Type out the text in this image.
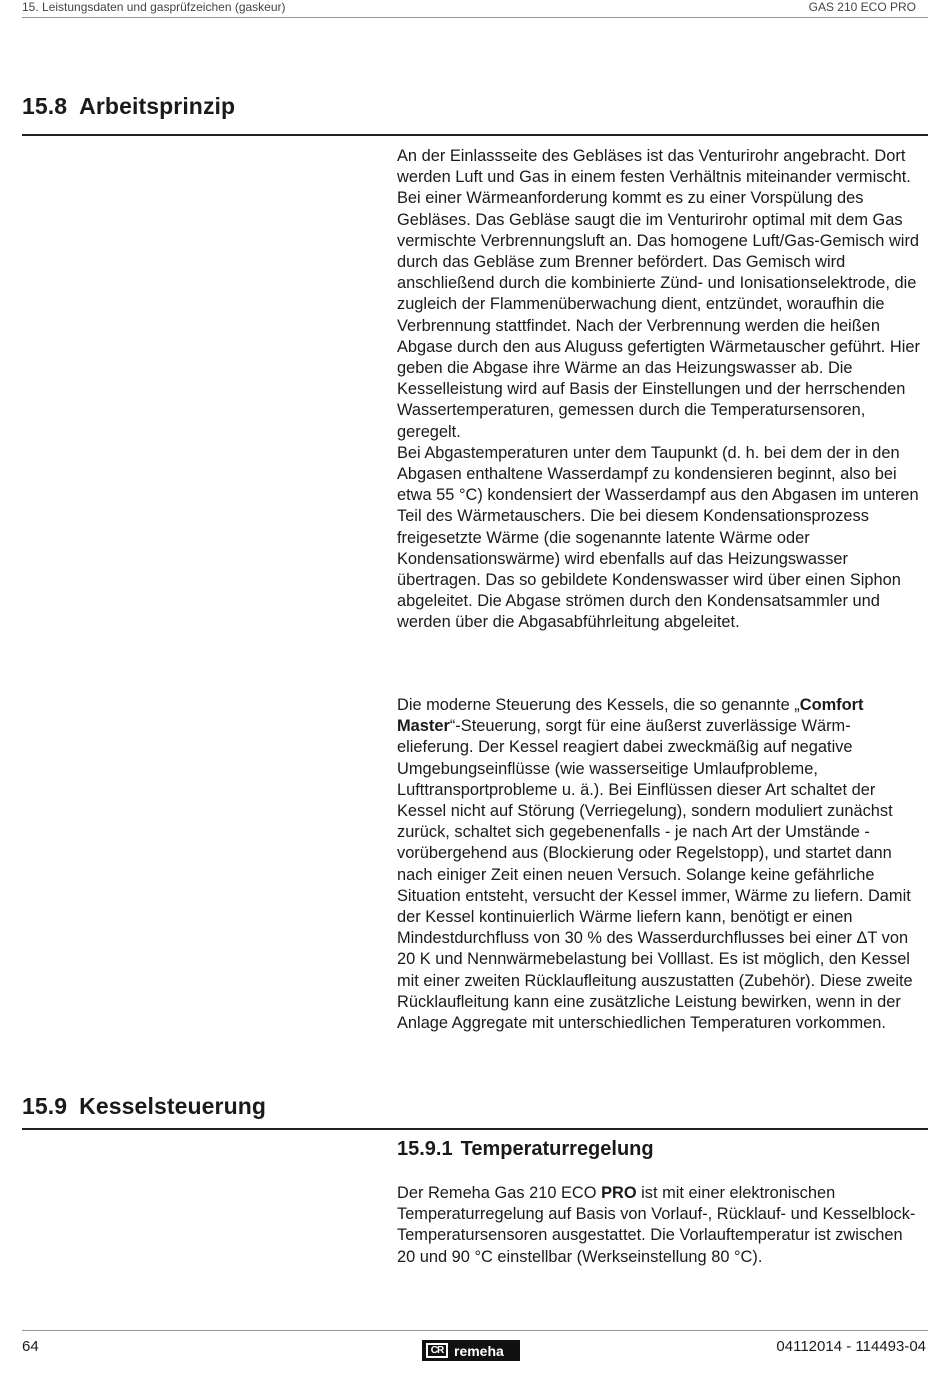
15. Leistungsdaten und gasprüfzeichen (gaskeur)	GAS 210 ECO PRO
15.8 Arbeitsprinzip

An der Einlassseite des Gebläses ist das Venturirohr angebracht. Dort werden Luft und Gas in einem festen Verhältnis miteinander vermischt. Bei einer Wärmeanforderung kommt es zu einer Vorspülung des Gebläses. Das Gebläse saugt die im Venturirohr optimal mit dem Gas vermischte Verbrennungsluft an. Das homogene Luft/Gas-Gemisch wird durch das Gebläse zum Brenner befördert. Das Gemisch wird anschließend durch die kombinierte Zünd- und Ionisationselektrode, die zugleich der Flammenüberwachung dient, entzündet, woraufhin die Verbrennung stattfindet. Nach der Verbrennung werden die heißen Abgase durch den aus Aluguss gefertigten Wärmetauscher geführt. Hier geben die Abgase ihre Wärme an das Heizungswasser ab. Die Kesselleistung wird auf Basis der Einstellungen und der herrschenden Wassertemperaturen, gemessen durch die Temperatursensoren, geregelt.
Bei Abgastemperaturen unter dem Taupunkt (d. h. bei dem der in den Abgasen enthaltene Wasserdampf zu kondensieren beginnt, also bei etwa 55 °C) kondensiert der Wasserdampf aus den Abgasen im unteren Teil des Wärmetauschers. Die bei diesem Kondensationsprozess freigesetzte Wärme (die sogenannte latente Wärme oder Kondensationswärme) wird ebenfalls auf das Heizungswasser übertragen. Das so gebildete Kondenswasser wird über einen Siphon abgeleitet. Die Abgase strömen durch den Kondensatsammler und werden über die Abgasabführleitung abgeleitet.

Die moderne Steuerung des Kessels, die so genannte „Comfort Master“-Steuerung, sorgt für eine äußerst zuverlässige Wärm-elieferung. Der Kessel reagiert dabei zweckmäßig auf negative Umgebungseinflüsse (wie wasserseitige Umlaufprobleme, Lufttransportprobleme u. ä.). Bei Einflüssen dieser Art schaltet der Kessel nicht auf Störung (Verriegelung), sondern moduliert zunächst zurück, schaltet sich gegebenenfalls - je nach Art der Umstände - vorübergehend aus (Blockierung oder Regelstopp), und startet dann nach einiger Zeit einen neuen Versuch. Solange keine gefährliche Situation entsteht, versucht der Kessel immer, Wärme zu liefern. Damit der Kessel kontinuierlich Wärme liefern kann, benötigt er einen Mindestdurchfluss von 30 % des Wasserdurchflusses bei einer ΔT von 20 K und Nennwärmebelastung bei Volllast. Es ist möglich, den Kessel mit einer zweiten Rücklaufleitung auszustatten (Zubehör). Diese zweite Rücklaufleitung kann eine zusätzliche Leistung bewirken, wenn in der Anlage Aggregate mit unterschiedlichen Temperaturen vorkommen.

15.9 Kesselsteuerung
15.9.1 Temperaturregelung

Der Remeha Gas 210 ECO PRO ist mit einer elektronischen Temperaturregelung auf Basis von Vorlauf-, Rücklauf- und Kesselblock-Temperatursensoren ausgestattet. Die Vorlauftemperatur ist zwischen 20 und 90 °C einstellbar (Werkseinstellung 80 °C).

64	CR remeha	04112014 - 114493-04
